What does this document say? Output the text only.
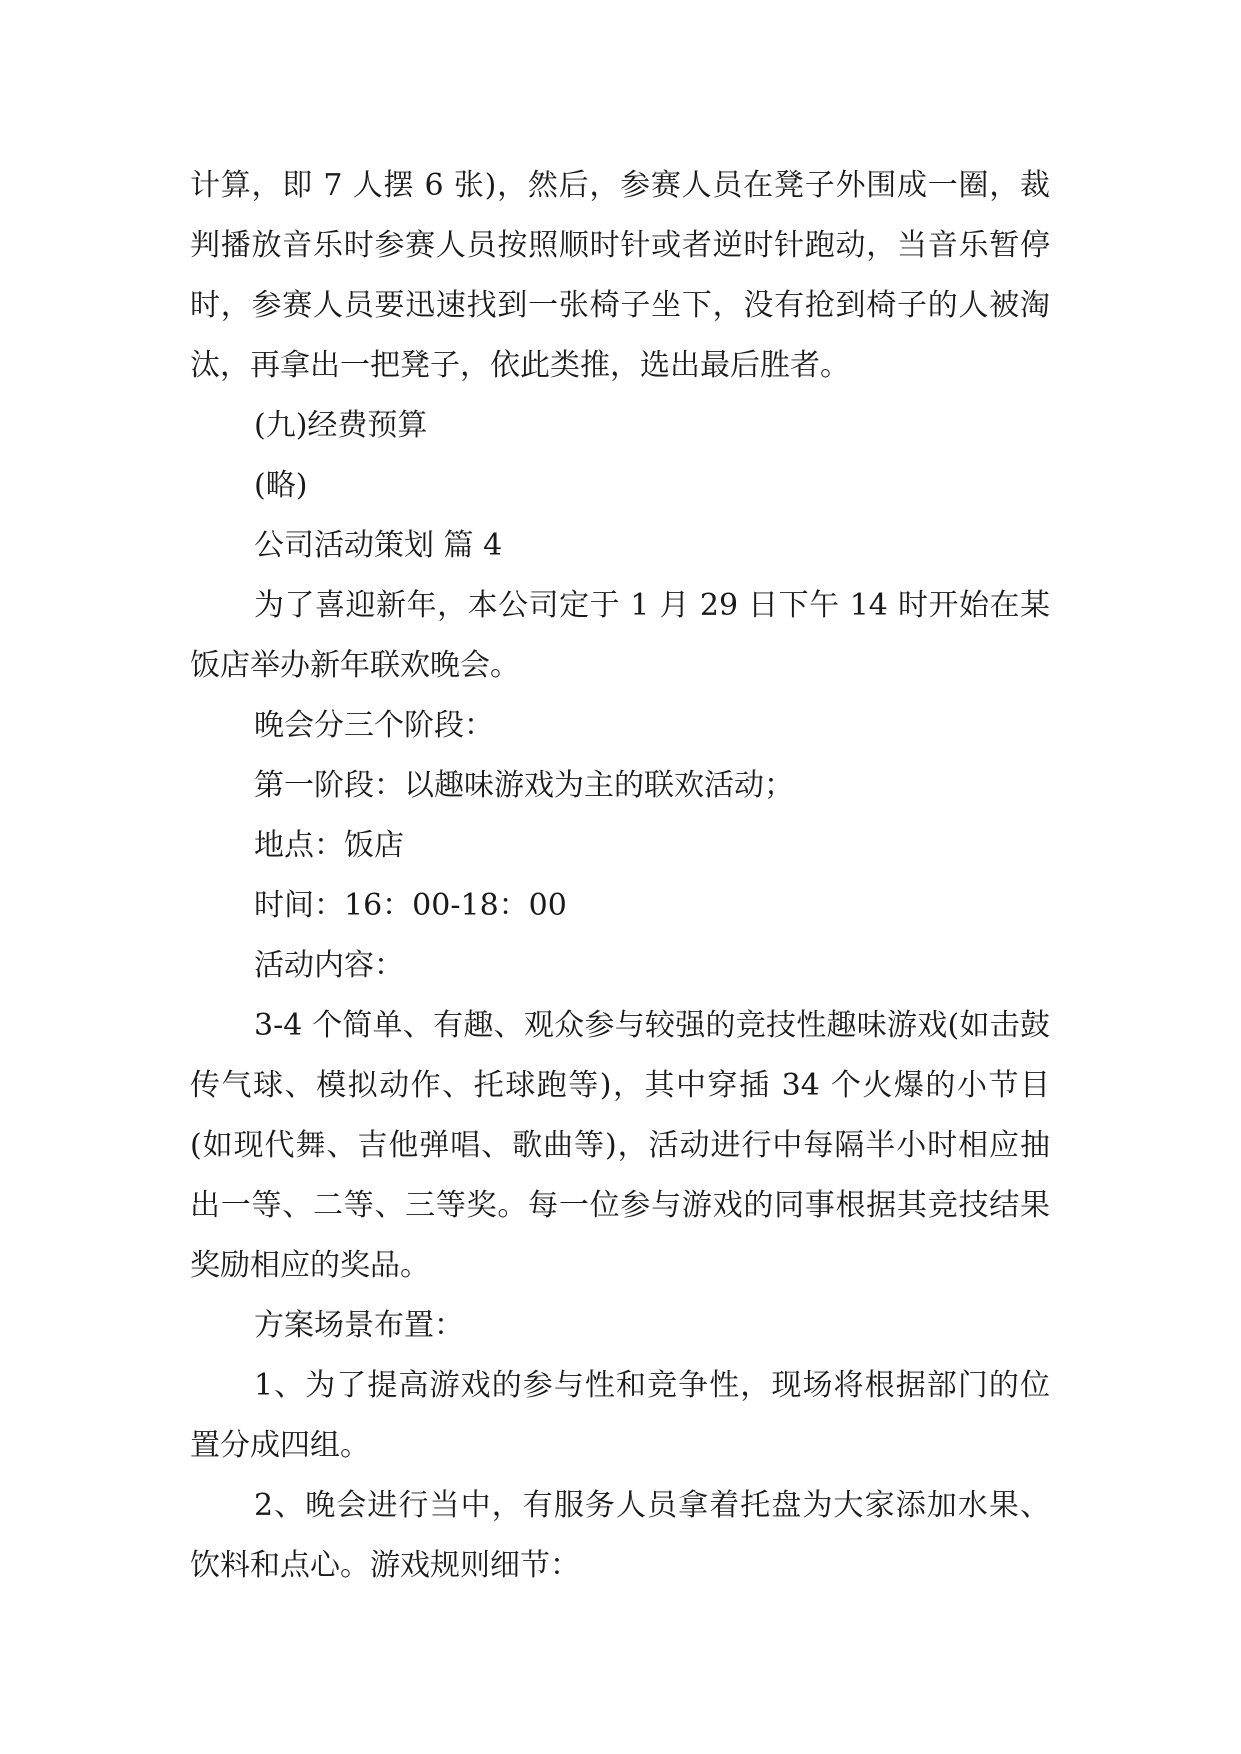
计算，即 7 人摆 6 张)，然后，参赛人员在凳子外围成一圈，裁判播放音乐时参赛人员按照顺时针或者逆时针跑动，当音乐暂停时，参赛人员要迅速找到一张椅子坐下，没有抢到椅子的人被淘汰，再拿出一把凳子，依此类推，选出最后胜者。

(九)经费预算

(略)

公司活动策划 篇 4

为了喜迎新年，本公司定于 1 月 29 日下午 14 时开始在某饭店举办新年联欢晚会。

晚会分三个阶段：

第一阶段：以趣味游戏为主的联欢活动；

地点：饭店

时间：16：00-18：00

活动内容：

3-4 个简单、有趣、观众参与较强的竞技性趣味游戏(如击鼓传气球、模拟动作、托球跑等)，其中穿插 34 个火爆的小节目(如现代舞、吉他弹唱、歌曲等)，活动进行中每隔半小时相应抽出一等、二等、三等奖。每一位参与游戏的同事根据其竞技结果奖励相应的奖品。

方案场景布置：

1、为了提高游戏的参与性和竞争性，现场将根据部门的位置分成四组。

2、晚会进行当中，有服务人员拿着托盘为大家添加水果、饮料和点心。游戏规则细节：
